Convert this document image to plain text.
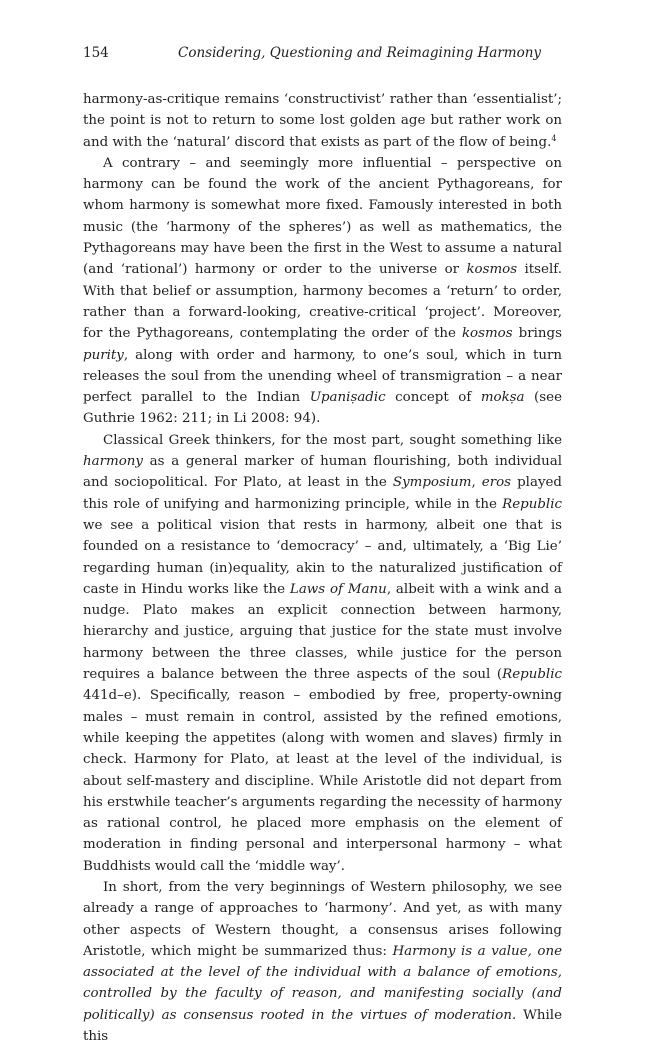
154	Considering, Questioning and Reimagining Harmony

harmony-as-critique remains ‘constructivist’ rather than ‘essentialist’; the point is not to return to some lost golden age but rather work on and with the ‘natural’ discord that exists as part of the flow of being.$^4$

A contrary – and seemingly more influential – perspective on harmony can be found the work of the ancient Pythagoreans, for whom harmony is somewhat more fixed. Famously interested in both music (the ‘harmony of the spheres’) as well as mathematics, the Pythagoreans may have been the first in the West to assume a natural (and ‘rational’) harmony or order to the universe or kosmos itself. With that belief or assumption, harmony becomes a ‘return’ to order, rather than a forward-looking, creative-critical ‘project’. Moreover, for the Pythagoreans, contemplating the order of the kosmos brings purity, along with order and harmony, to one’s soul, which in turn releases the soul from the unending wheel of transmigration – a near perfect parallel to the Indian Upaniṣadic concept of mokṣa (see Guthrie 1962: 211; in Li 2008: 94).

Classical Greek thinkers, for the most part, sought something like harmony as a general marker of human flourishing, both individual and sociopolitical. For Plato, at least in the Symposium, eros played this role of unifying and harmonizing principle, while in the Republic we see a political vision that rests in harmony, albeit one that is founded on a resistance to ‘democracy’ – and, ultimately, a ‘Big Lie’ regarding human (in)equality, akin to the naturalized justification of caste in Hindu works like the Laws of Manu, albeit with a wink and a nudge. Plato makes an explicit connection between harmony, hierarchy and justice, arguing that justice for the state must involve harmony between the three classes, while justice for the person requires a balance between the three aspects of the soul (Republic 441d–e). Specifically, reason – embodied by free, property-owning males – must remain in control, assisted by the refined emotions, while keeping the appetites (along with women and slaves) firmly in check. Harmony for Plato, at least at the level of the individual, is about self-mastery and discipline. While Aristotle did not depart from his erstwhile teacher’s arguments regarding the necessity of harmony as rational control, he placed more emphasis on the element of moderation in finding personal and interpersonal harmony – what Buddhists would call the ‘middle way’.

In short, from the very beginnings of Western philosophy, we see already a range of approaches to ‘harmony’. And yet, as with many other aspects of Western thought, a consensus arises following Aristotle, which might be summarized thus: Harmony is a value, one associated at the level of the individual with a balance of emotions, controlled by the faculty of reason, and manifesting socially (and politically) as consensus rooted in the virtues of moderation. While this
